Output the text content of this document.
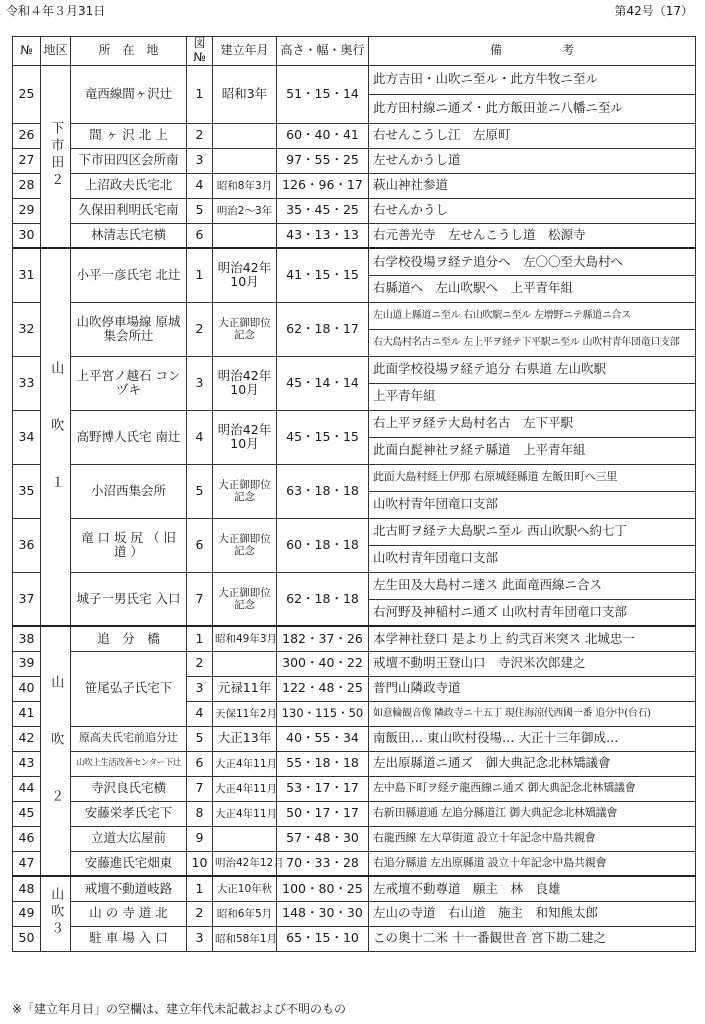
令和４年３月31日	第42号（17）
№	地区	所　在　地	図№	建立年月	高さ・幅・奥行	備　　　　　考
25	下 市 田 ２	竜西線間ヶ沢辻	1	昭和3年	51・15・14	此方吉田・山吹ニ至ル・此方牛牧ニ至ル
						此方田村線ニ通ズ・此方飯田並ニ八幡ニ至ル
26		間 ヶ 沢 北 上	2		60・40・41	右せんこうし江　左原町
27		下市田四区会所南	3		97・55・25	左せんかうし道
28		上沼政夫氏宅北	4	昭和8年3月	126・96・17	萩山神社参道
29		久保田利明氏宅南	5	明治2～3年	35・45・25	右せんかうし
30		林清志氏宅横	6		43・13・13	右元善光寺　左せんこうし道　松源寺
31	山 吹 １	小平一彦氏宅 北辻	1	明治42年 10月	41・15・15	右学校役場ヲ経テ追分へ　左〇〇至大島村へ
						右縣道へ　左山吹駅へ　上平青年組
32		山吹停車場線 原城集会所辻	2	大正御即位 記念	62・18・17	左山道上縣道ニ至ル 右山吹駅ニ至ル 左增野ニテ縣道ニ合ス
						右大島村名古ニ至ル 左上平ヲ経テ下平駅ニ至ル 山吹村青年団竜口支部
33		上平宮ノ越石 コンヅキ	3	明治42年 10月	45・14・14	此面学校役場ヲ経テ追分 右県道 左山吹駅
						上平青年組
34		高野博人氏宅 南辻	4	明治42年 10月	45・15・15	右上平ヲ経テ大島村名古　左下平駅
						此面白髭神社ヲ経テ縣道　上平青年組
35		小沼西集会所	5	大正御即位 記念	63・18・18	此面大島村経上伊那 右原城経縣道 左飯田町へ三里
						山吹村青年団竜口支部
36		竜 口 坂 尻 （ 旧 道 ）	6	大正御即位 記念	60・18・18	北古町ヲ経テ大島駅ニ至ル 西山吹駅へ約七丁
						山吹村青年団竜口支部
37		城子一男氏宅 入口	7	大正御即位 記念	62・18・18	左生田及大島村ニ達ス 此面竜西線ニ合ス
						右河野及神稲村ニ通ズ 山吹村青年団竜口支部
38	山 吹 ２	追　分　橋	1	昭和49年3月	182・37・26	本学神社登口 是より上 約弐百米突ス 北城忠一
39		笹尾弘子氏宅下	2		300・40・22	戒壇不動明王登山口　寺沢米次郎建之
40			3	元禄11年	122・48・25	普門山隣政寺道
41			4	天保11年2月	130・115・50	如意輪観音像 隣政寺ニ十五丁 現住海涼代西國一番 追分中(台石)
42		原高夫氏宅前追分辻	5	大正13年	40・55・34	南飯田… 東山吹村役場… 大正十三年御成…
43		山吹上生活改善センター下辻	6	大正4年11月	55・18・18	左出原縣道ニ通ズ　御大典記念北林矯議會
44		寺沢良氏宅横	7	大正4年11月	53・17・17	左中島下町ヲ経テ龍西線ニ通ズ 御大典記念北林矯議會
45		安藤栄孝氏宅下	8	大正4年11月	50・17・17	右新田縣道通 左追分縣道江 御大典記念北林矯議會
46		立道大広屋前	9		57・48・30	右龍西線 左大草街道 設立十年記念中島共親會
47		安藤進氏宅畑東	10	明治42年12月	70・33・28	右追分縣道 左出原縣道 設立十年記念中島共親會
48	山 吹 ３	戒壇不動道岐路	1	大正10年秋	100・80・25	左戒壇不動尊道　願主　林　良雄
49		山 の 寺 道 北	2	昭和6年5月	148・30・30	左山の寺道　右山道　施主　和知熊太郎
50		駐 車 場 入 口	3	昭和58年1月	65・15・10	この奥十二米 十一番観世音 宮下勘二建之
※「建立年月日」の空欄は、建立年代未記載および不明のもの
